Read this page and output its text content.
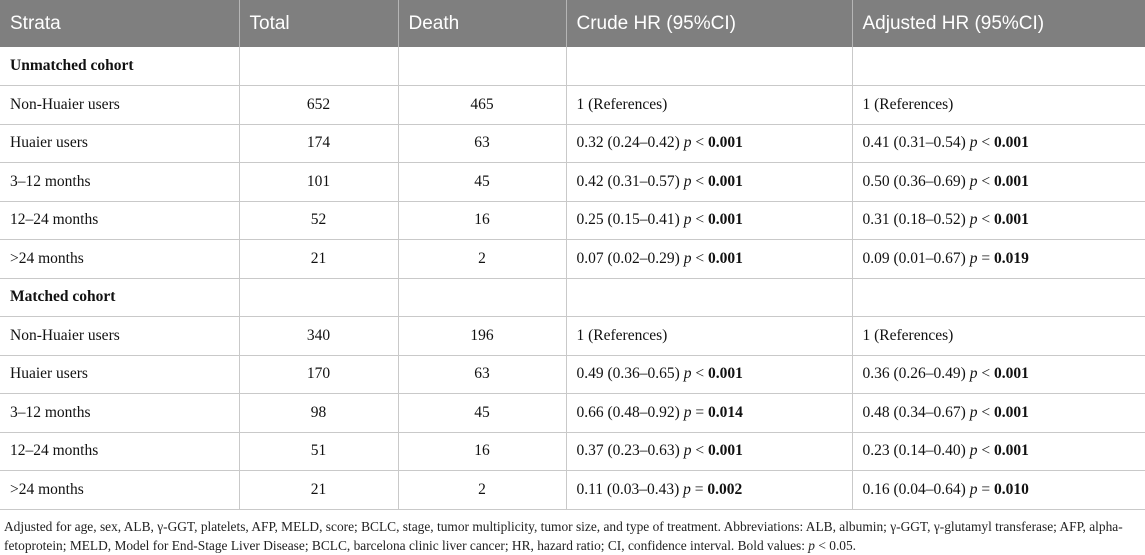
Strata	Total	Death	Crude HR (95%CI)	Adjusted HR (95%CI)
Unmatched cohort				
Non-Huaier users	652	465	1 (References)	1 (References)
Huaier users	174	63	0.32 (0.24–0.42) p < 0.001	0.41 (0.31–0.54) p < 0.001
3–12 months	101	45	0.42 (0.31–0.57) p < 0.001	0.50 (0.36–0.69) p < 0.001
12–24 months	52	16	0.25 (0.15–0.41) p < 0.001	0.31 (0.18–0.52) p < 0.001
>24 months	21	2	0.07 (0.02–0.29) p < 0.001	0.09 (0.01–0.67) p = 0.019
Matched cohort				
Non-Huaier users	340	196	1 (References)	1 (References)
Huaier users	170	63	0.49 (0.36–0.65) p < 0.001	0.36 (0.26–0.49) p < 0.001
3–12 months	98	45	0.66 (0.48–0.92) p = 0.014	0.48 (0.34–0.67) p < 0.001
12–24 months	51	16	0.37 (0.23–0.63) p < 0.001	0.23 (0.14–0.40) p < 0.001
>24 months	21	2	0.11 (0.03–0.43) p = 0.002	0.16 (0.04–0.64) p = 0.010
Adjusted for age, sex, ALB, γ-GGT, platelets, AFP, MELD, score; BCLC, stage, tumor multiplicity, tumor size, and type of treatment. Abbreviations: ALB, albumin; γ-GGT, γ-glutamyl transferase; AFP, alpha-fetoprotein; MELD, Model for End-Stage Liver Disease; BCLC, barcelona clinic liver cancer; HR, hazard ratio; CI, confidence interval. Bold values: p < 0.05.
